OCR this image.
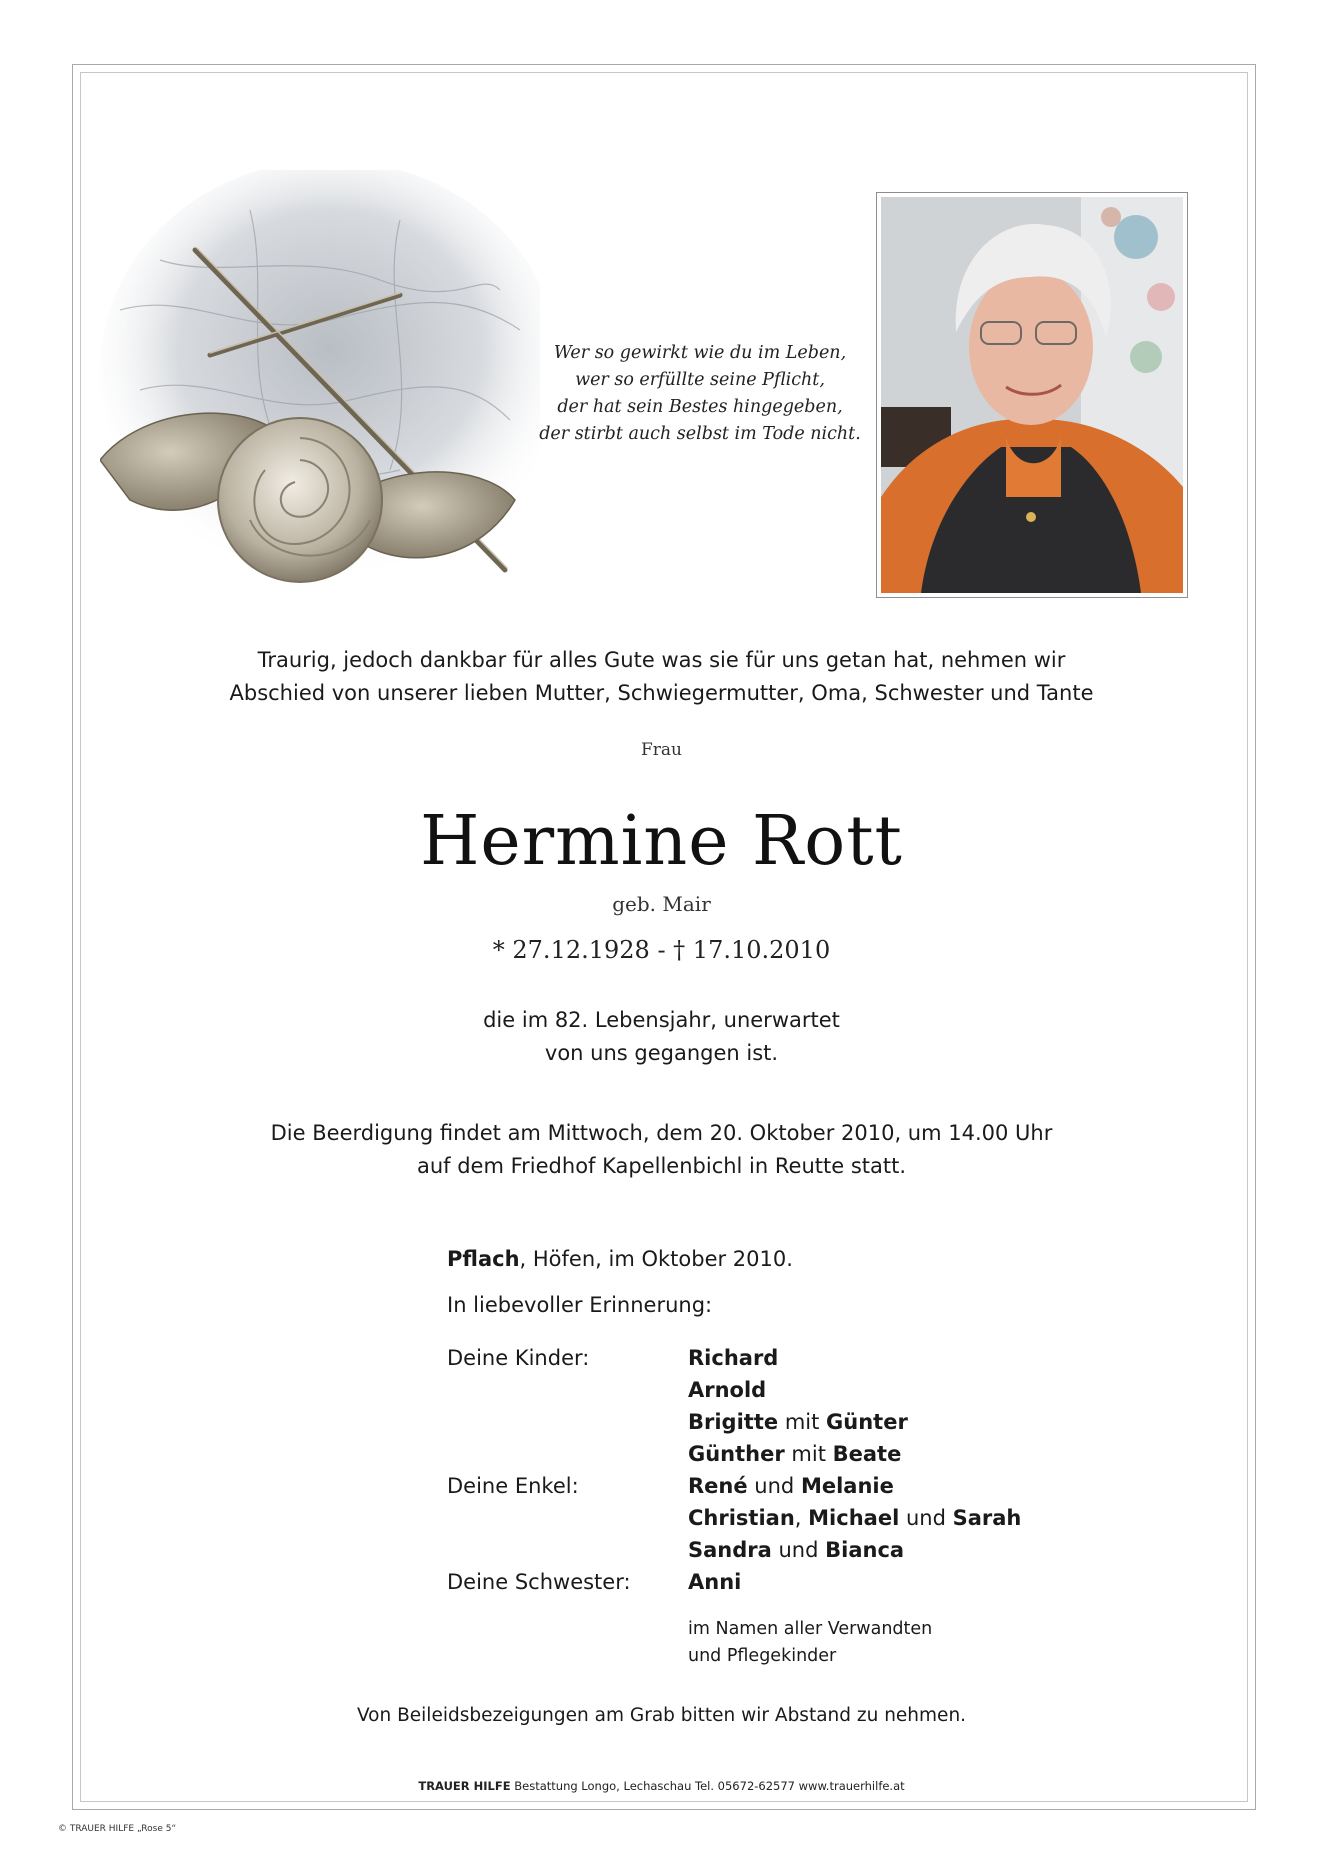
Wer so gewirkt wie du im Leben,
wer so erfüllte seine Pflicht,
der hat sein Bestes hingegeben,
der stirbt auch selbst im Tode nicht.
Traurig, jedoch dankbar für alles Gute was sie für uns getan hat, nehmen wir
Abschied von unserer lieben Mutter, Schwiegermutter, Oma, Schwester und Tante
Frau
Hermine Rott
geb. Mair
* 27.12.1928 - † 17.10.2010
die im 82. Lebensjahr, unerwartet
von uns gegangen ist.
Die Beerdigung findet am Mittwoch, dem 20. Oktober 2010, um 14.00 Uhr
auf dem Friedhof Kapellenbichl in Reutte statt.
Pflach, Höfen, im Oktober 2010.
In liebevoller Erinnerung:
Deine Kinder:	Richard
Arnold
Brigitte mit Günter
Günther mit Beate
Deine Enkel:	René und Melanie
Christian, Michael und Sarah
Sandra und Bianca
Deine Schwester:	Anni
im Namen aller Verwandten
und Pflegekinder
Von Beileidsbezeigungen am Grab bitten wir Abstand zu nehmen.
TRAUER HILFE Bestattung Longo, Lechaschau Tel. 05672-62577 www.trauerhilfe.at
© TRAUER HILFE „Rose 5“
